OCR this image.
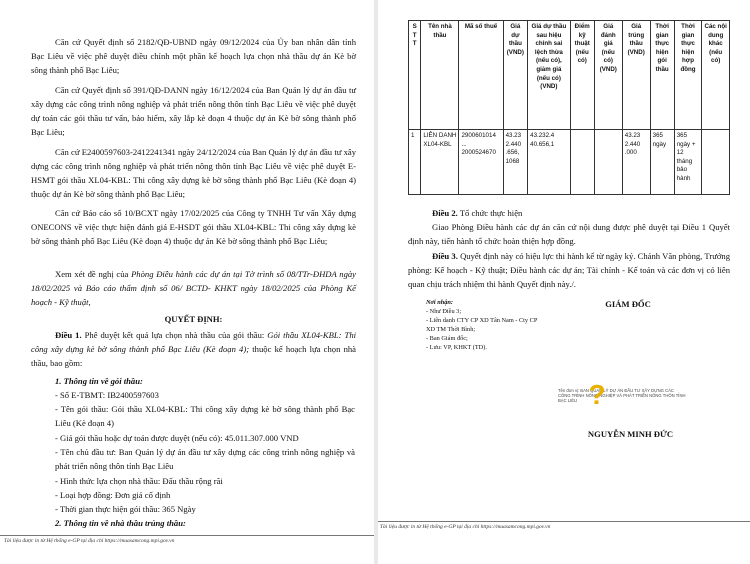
Căn cứ Quyết định số 2182/QĐ-UBND ngày 09/12/2024 của Ủy ban nhân dân tỉnh Bạc Liêu về việc phê duyệt điều chỉnh một phần kế hoạch lựa chọn nhà thầu dự án Kè bờ sông thành phố Bạc Liêu;

Căn cứ Quyết định số 391/QĐ-DANN ngày 16/12/2024 của Ban Quản lý dự án đầu tư xây dựng các công trình nông nghiệp và phát triển nông thôn tỉnh Bạc Liêu về việc phê duyệt dự toán các gói thầu tư vấn, bảo hiểm, xây lắp kè đoạn 4 thuộc dự án Kè bờ sông thành phố Bạc Liêu;

Căn cứ E2400597603-2412241341 ngày 24/12/2024 của Ban Quản lý dự án đầu tư xây dựng các công trình nông nghiệp và phát triển nông thôn tỉnh Bạc Liêu về việc phê duyệt E-HSMT gói thầu XL04-KBL: Thi công xây dựng kè bờ sông thành phố Bạc Liêu (Kè đoạn 4) thuộc dự án Kè bờ sông thành phố Bạc Liêu;

Căn cứ Báo cáo số 10/BCXT ngày 17/02/2025 của Công ty TNHH Tư vấn Xây dựng ONECONS về việc thực hiện đánh giá E-HSDT gói thầu XL04-KBL: Thi công xây dựng kè bờ sông thành phố Bạc Liêu (Kè đoạn 4) thuộc dự án Kè bờ sông thành phố Bạc Liêu;

Xem xét đề nghị của Phòng Điều hành các dự án tại Tờ trình số 08/TTr-ĐHDA ngày 18/02/2025 và Báo cáo thẩm định số 06/ BCTD- KHKT ngày 18/02/2025 của Phòng Kế hoạch - Kỹ thuật,

QUYẾT ĐỊNH:

Điều 1. Phê duyệt kết quả lựa chọn nhà thầu của gói thầu: Gói thầu XL04-KBL: Thi công xây dựng kè bờ sông thành phố Bạc Liêu (Kè đoạn 4); thuộc kế hoạch lựa chọn nhà thầu, bao gồm:

1. Thông tin về gói thầu:

- Số E-TBMT: IB2400597603

- Tên gói thầu: Gói thầu XL04-KBL: Thi công xây dựng kè bờ sông thành phố Bạc Liêu (Kè đoạn 4)

- Giá gói thầu hoặc dự toán được duyệt (nếu có): 45.011.307.000 VND

- Tên chủ đầu tư: Ban Quản lý dự án đầu tư xây dựng các công trình nông nghiệp và phát triển nông thôn tỉnh Bạc Liêu

- Hình thức lựa chọn nhà thầu: Đấu thầu rộng rãi

- Loại hợp đồng: Đơn giá cố định

- Thời gian thực hiện gói thầu: 365 Ngày

2. Thông tin về nhà thầu trúng thầu:

Tài liệu được in từ Hệ thống e-GP tại địa chỉ https://muasamcong.mpi.gov.vn

S T T	Tên nhà thầu	Mã số thuế	Giá dự thầu (VND)	Giá dự thầu sau hiệu chỉnh sai lệch thừa (nếu có), giảm giá (nếu có) (VND)	Điểm kỹ thuật (nếu có)	Giá đánh giá (nếu có) (VND)	Giá trúng thầu (VND)	Thời gian thực hiện gói thầu	Thời gian thực hiện hợp đồng	Các nội dung khác (nếu có)
1	LIÊN DANH XL04-KBL	2900601014 ... 2000524670	43.23 2.440 .656, 1068	43.232.4 40.656,1			43.23 2.440 .000	365 ngày	365 ngày + 12 tháng bảo hành	

Điều 2. Tổ chức thực hiện

Giao Phòng Điều hành các dự án căn cứ nội dung được phê duyệt tại Điều 1 Quyết định này, tiến hành tổ chức hoàn thiện hợp đồng.

Điều 3. Quyết định này có hiệu lực thi hành kể từ ngày ký. Chánh Văn phòng, Trưởng phòng: Kế hoạch - Kỹ thuật; Điều hành các dự án; Tài chính - Kế toán và các đơn vị có liên quan chịu trách nhiệm thi hành Quyết định này./.

Nơi nhận:
- Như Điều 3;
- Liên danh CTY CP XD Tân Nam - Cty CP XD TM Thời Bình;
- Ban Giám đốc;
- Lưu: VP, KHKT (TD).

GIÁM ĐỐC

Tên đơn vị: BAN QUẢN LÝ DỰ ÁN ĐẦU TƯ XÂY DỰNG CÁC CÔNG TRÌNH NÔNG NGHIỆP VÀ PHÁT TRIỂN NÔNG THÔN TỈNH BẠC LIÊU ?

NGUYỄN MINH ĐỨC

Tài liệu được in từ Hệ thống e-GP tại địa chỉ https://muasamcong.mpi.gov.vn
